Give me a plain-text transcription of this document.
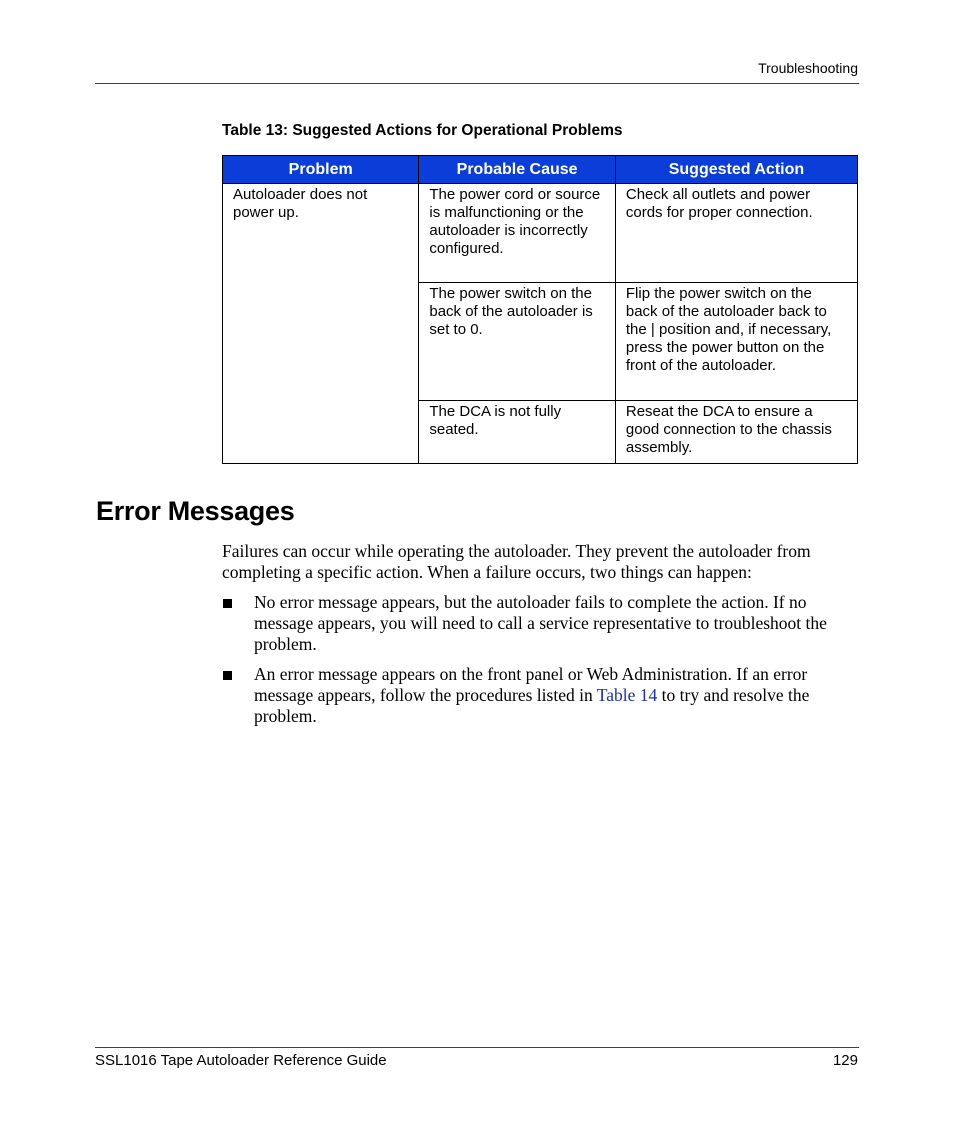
Troubleshooting
Table 13: Suggested Actions for Operational Problems
Problem	Probable Cause	Suggested Action
Autoloader does not power up.	The power cord or source is malfunctioning or the autoloader is incorrectly configured.	Check all outlets and power cords for proper connection.
	The power switch on the back of the autoloader is set to 0.	Flip the power switch on the back of the autoloader back to the | position and, if necessary, press the power button on the front of the autoloader.
	The DCA is not fully seated.	Reseat the DCA to ensure a good connection to the chassis assembly.
Error Messages

Failures can occur while operating the autoloader. They prevent the autoloader from completing a specific action. When a failure occurs, two things can happen:

No error message appears, but the autoloader fails to complete the action. If no message appears, you will need to call a service representative to troubleshoot the problem.
An error message appears on the front panel or Web Administration. If an error message appears, follow the procedures listed in Table 14 to try and resolve the problem.
SSL1016 Tape Autoloader Reference Guide	129
